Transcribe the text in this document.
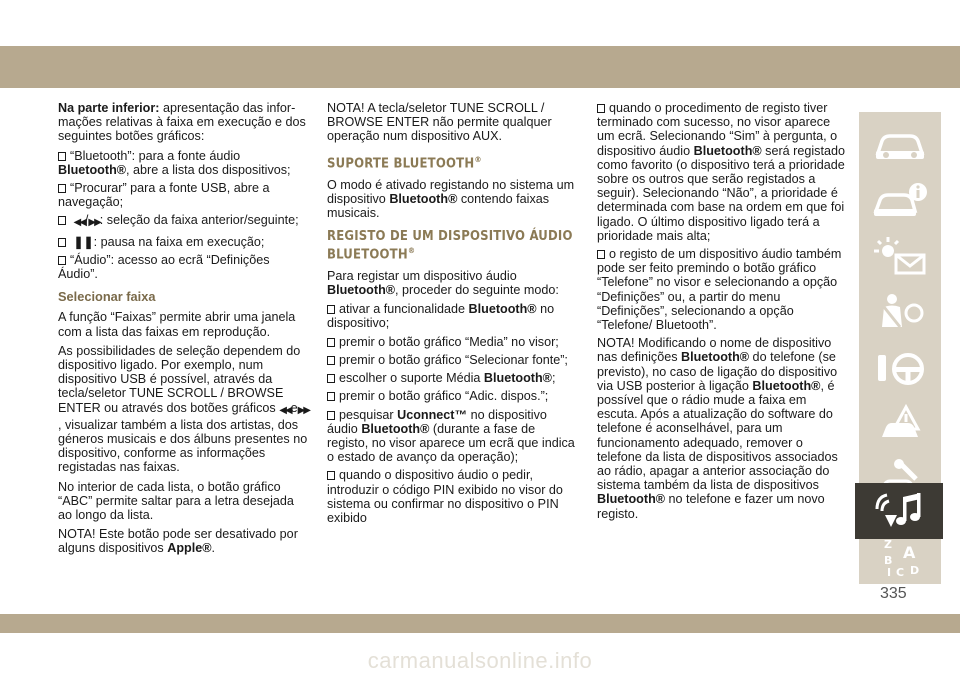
Na parte inferior: apresentação das informações relativas à faixa em execução e dos seguintes botões gráficos:

“Bluetooth”: para a fonte áudio Bluetooth®, abre a lista dos dispositivos;
“Procurar” para a fonte USB, abre a navegação;
◀◀/▶▶: seleção da faixa anterior/seguinte;
❚❚: pausa na faixa em execução;
“Áudio”: acesso ao ecrã “Definições Áudio”.
Selecionar faixa

A função “Faixas” permite abrir uma janela com a lista das faixas em reprodução.

As possibilidades de seleção dependem do dispositivo ligado. Por exemplo, num dispositivo USB é possível, através da tecla/seletor TUNE SCROLL / BROWSE ENTER ou através dos botões gráficos ◀◀e▶▶, visualizar também a lista dos artistas, dos géneros musicais e dos álbuns presentes no dispositivo, conforme as informações registadas nas faixas.

No interior de cada lista, o botão gráfico “ABC” permite saltar para a letra desejada ao longo da lista.

NOTA! Este botão pode ser desativado por alguns dispositivos Apple®.

NOTA! A tecla/seletor TUNE SCROLL / BROWSE ENTER não permite qualquer operação num dispositivo AUX.

SUPORTE BLUETOOTH®

O modo é ativado registando no sistema um dispositivo Bluetooth® contendo faixas musicais.

REGISTO DE UM DISPOSITIVO ÁUDIO BLUETOOTH®

Para registar um dispositivo áudio Bluetooth®, proceder do seguinte modo:

ativar a funcionalidade Bluetooth® no dispositivo;
premir o botão gráfico “Media” no visor;
premir o botão gráfico “Selecionar fonte”;
escolher o suporte Média Bluetooth®;
premir o botão gráfico “Adic. dispos.”;
pesquisar Uconnect™ no dispositivo áudio Bluetooth® (durante a fase de registo, no visor aparece um ecrã que indica o estado de avanço da operação);
quando o dispositivo áudio o pedir, introduzir o código PIN exibido no visor do sistema ou confirmar no dispositivo o PIN exibido
quando o procedimento de registo tiver terminado com sucesso, no visor aparece um ecrã. Selecionando “Sim” à pergunta, o dispositivo áudio Bluetooth® será registado como favorito (o dispositivo terá a prioridade sobre os outros que serão registados a seguir). Selecionando “Não”, a prioridade é determinada com base na ordem em que foi ligado. O último dispositivo ligado terá a prioridade mais alta;
o registo de um dispositivo áudio também pode ser feito premindo o botão gráfico “Telefone” no visor e selecionando a opção “Definições” ou, a partir do menu “Definições”, selecionando a opção “Telefone/ Bluetooth”.

NOTA! Modificando o nome de dispositivo nas definições Bluetooth® do telefone (se previsto), no caso de ligação do dispositivo via USB posterior à ligação Bluetooth®, é possível que o rádio mude a faixa em escuta. Após a atualização do software do telefone é aconselhável, para um funcionamento adequado, remover o telefone da lista de dispositivos associados ao rádio, apagar a anterior associação do sistema também da lista de dispositivos Bluetooth® no telefone e fazer um novo registo.

Z A
B
C D
I
335
carmanualsonline.info
